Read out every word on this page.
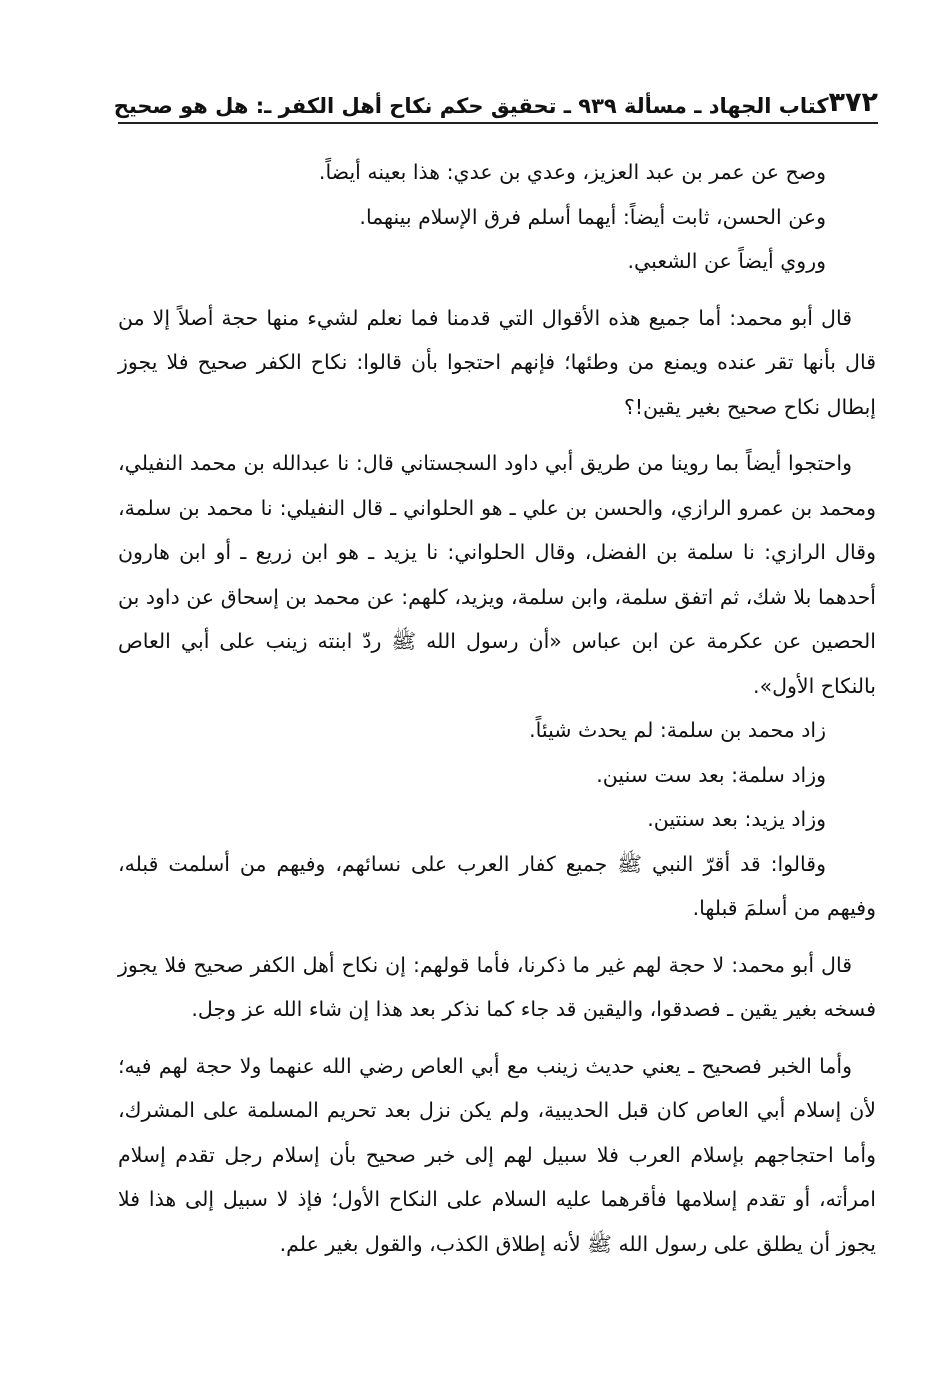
٣٧٢
كتاب الجهاد ـ مسألة ٩٣٩ ـ تحقيق حكم نكاح أهل الكفر ـ: هل هو صحيح

وصح عن عمر بن عبد العزيز، وعدي بن عدي: هذا بعينه أيضاً.

وعن الحسن، ثابت أيضاً: أيهما أسلم فرق الإسلام بينهما.

وروي أيضاً عن الشعبي.

قال أبو محمد: أما جميع هذه الأقوال التي قدمنا فما نعلم لشيء منها حجة أصلاً إلا من قال بأنها تقر عنده ويمنع من وطئها؛ فإنهم احتجوا بأن قالوا: نكاح الكفر صحيح فلا يجوز إبطال نكاح صحيح بغير يقين!؟

واحتجوا أيضاً بما روينا من طريق أبي داود السجستاني قال: نا عبدالله بن محمد النفيلي، ومحمد بن عمرو الرازي، والحسن بن علي ـ هو الحلواني ـ قال النفيلي: نا محمد بن سلمة، وقال الرازي: نا سلمة بن الفضل، وقال الحلواني: نا يزيد ـ هو ابن زريع ـ أو ابن هارون أحدهما بلا شك، ثم اتفق سلمة، وابن سلمة، ويزيد، كلهم: عن محمد بن إسحاق عن داود بن الحصين عن عكرمة عن ابن عباس «أن رسول الله ﷺ ردّ ابنته زينب على أبي العاص بالنكاح الأول».

زاد محمد بن سلمة: لم يحدث شيئاً.

وزاد سلمة: بعد ست سنين.

وزاد يزيد: بعد سنتين.

وقالوا: قد أقرّ النبي ﷺ جميع كفار العرب على نسائهم، وفيهم من أسلمت قبله، وفيهم من أسلمَ قبلها.

قال أبو محمد: لا حجة لهم غير ما ذكرنا، فأما قولهم: إن نكاح أهل الكفر صحيح فلا يجوز فسخه بغير يقين ـ فصدقوا، واليقين قد جاء كما نذكر بعد هذا إن شاء الله عز وجل.

وأما الخبر فصحيح ـ يعني حديث زينب مع أبي العاص رضي الله عنهما ولا حجة لهم فيه؛ لأن إسلام أبي العاص كان قبل الحديبية، ولم يكن نزل بعد تحريم المسلمة على المشرك، وأما احتجاجهم بإسلام العرب فلا سبيل لهم إلى خبر صحيح بأن إسلام رجل تقدم إسلام امرأته، أو تقدم إسلامها فأقرهما عليه السلام على النكاح الأول؛ فإذ لا سبيل إلى هذا فلا يجوز أن يطلق على رسول الله ﷺ لأنه إطلاق الكذب، والقول بغير علم.
